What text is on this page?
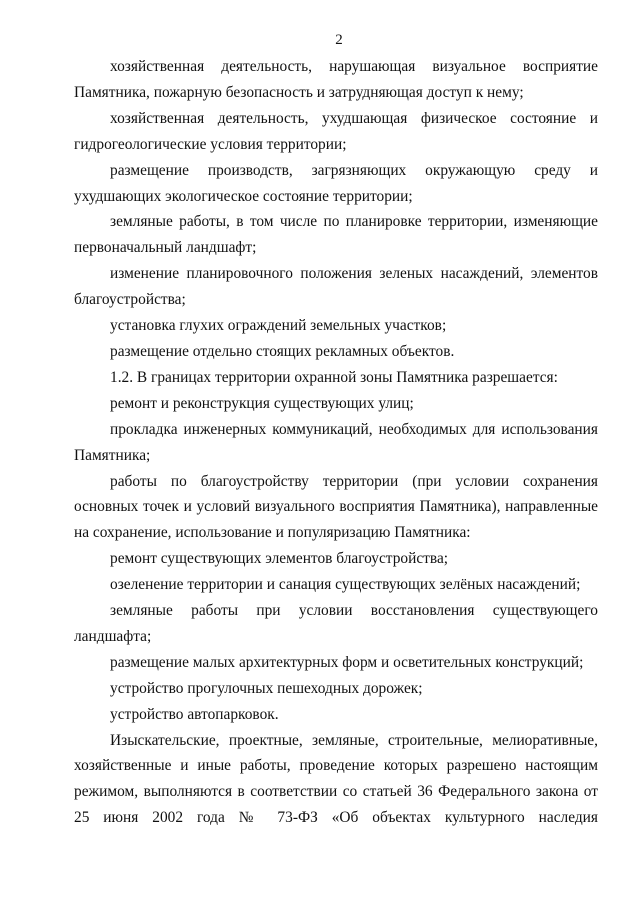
2

хозяйственная деятельность, нарушающая визуальное восприятие Памятника, пожарную безопасность и затрудняющая доступ к нему;

хозяйственная деятельность, ухудшающая физическое состояние и гидрогеологические условия территории;

размещение производств, загрязняющих окружающую среду и ухудшающих экологическое состояние территории;

земляные работы, в том числе по планировке территории, изменяющие первоначальный ландшафт;

изменение планировочного положения зеленых насаждений, элементов благоустройства;

установка глухих ограждений земельных участков;

размещение отдельно стоящих рекламных объектов.

1.2. В границах территории охранной зоны Памятника разрешается:

ремонт и реконструкция существующих улиц;

прокладка инженерных коммуникаций, необходимых для использования Памятника;

работы по благоустройству территории (при условии сохранения основных точек и условий визуального восприятия Памятника), направленные на сохранение, использование и популяризацию Памятника:

ремонт существующих элементов благоустройства;

озеленение территории и санация существующих зелёных насаждений;

земляные работы при условии восстановления существующего ландшафта;

размещение малых архитектурных форм и осветительных конструкций;

устройство прогулочных пешеходных дорожек;

устройство автопарковок.

Изыскательские, проектные, земляные, строительные, мелиоративные, хозяйственные и иные работы, проведение которых разрешено настоящим режимом, выполняются в соответствии со статьей 36 Федерального закона от 25 июня 2002 года № 73-ФЗ «Об объектах культурного наследия
